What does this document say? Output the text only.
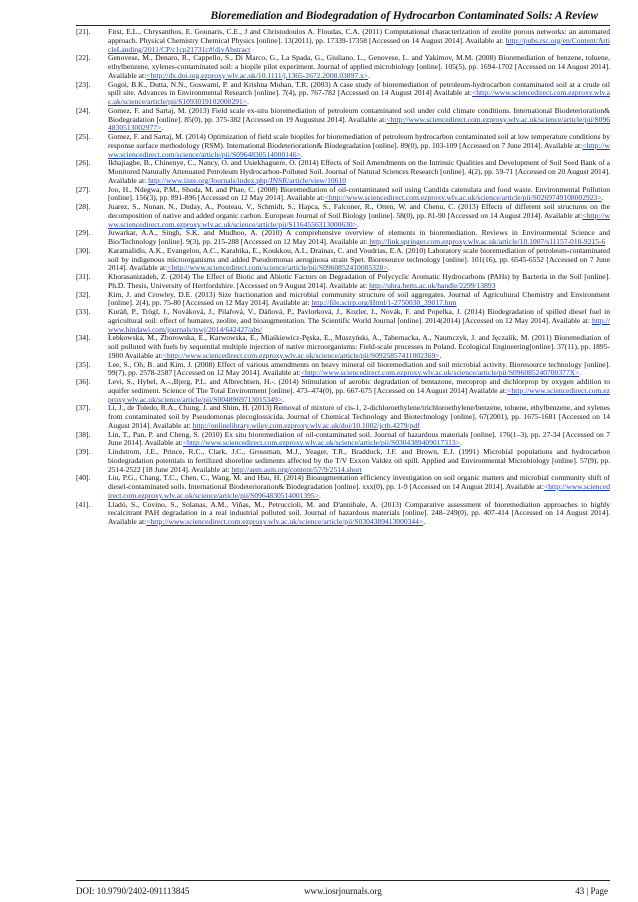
Bioremediation and Biodegradation of Hydrocarbon Contaminated Soils: A Review
[21]. First, E.L., Chrysanthos, E. Gounaris, C.E., J and Christodoulos A. Floudas, C.A. (2011) Computational characterization of zeolite porous networks: an automated approach. Physical Chemistry Chemical Physics [online]. 13(2011), pp. 17339-17358 [Accessed on 14 August 2014]. Available at: http://pubs.rsc.org/en/Content/ArticleLanding/2011/CP/c1cp21731c#!divAbstract
[22]. Genovese, M., Denaro, R., Cappello, S., Di Marco, G., La Spada, G., Giuliano, L., Genovese, L. and Yakimov, M.M. (2008) Bioremediation of benzene, toluene, ethylbenzene, xylenes-contaminated soil: a biopile pilot experiment. Journal of applied microbiology [online]. 105(5), pp. 1694-1702 [Accessed on 14 August 2014]. Available at:<http://dx.doi.org.ezproxy.wlv.ac.uk/10.1111/j.1365-2672.2008.03897.x>.
[23]. Gogoi, B.K., Dutta, N.N., Goswami, P. and Krishna Mohan, T.R. (2003) A case study of bioremediation of petroleum-hydrocarbon contaminated soil at a crude oil spill site. Advances in Environmental Research [online]. 7(4), pp. 767-782 [Accessed on 14 August 2014] Available at:<http://www.sciencedirect.com.ezproxy.wlv.ac.uk/science/article/pii/S1093019102000291>.
[24]. Gomez, F. and Sartaj, M. (2013) Field scale ex-situ bioremediation of petroleum contaminated soil under cold climate conditions. International Biodeterioration& Biodegradation [online]. 85(0), pp. 375-382 [Accessed on 19 Augustust 2014]. Available at:<http://www.sciencedirect.com.ezproxy.wlv.ac.uk/science/article/pii/S0964830513002977>.
[25]. Gomez, F. and Sartaj, M. (2014) Optimization of field scale biopiles for bioremediation of petroleum hydrocarbon contaminated soil at low temperature conditions by response surface methodology (RSM). International Biodeterioration& Biodegradation [online]. 89(0), pp. 103-109 [Accessed on 7 June 2014]. Available at:<http://www.sciencedirect.com/science/article/pii/S0964830514000146>.
[26]. Ikhajiagbe, B., Chinenye, C., Nancy, O. and Usiekhaguere, O. (2014) Effects of Soil Amendments on the Intrinsic Qualities and Development of Soil Seed Bank of a Monitored Naturally Attenuated Petroleum Hydrocarbon-Polluted Soil. Journal of Natural Sciences Research [online]. 4(2), pp. 59-71 [Accessed on 20 August 2014]. Available at: http://www.iiste.org/Journals/index.php/JNSR/article/view/10610
[27]. Joo, H., Ndegwa, P.M., Shoda, M. and Phae, C. (2008) Bioremediation of oil-contaminated soil using Candida catenulata and food waste. Environmental Pollution [online]. 156(3), pp. 891-896 [Accessed on 12 May 2014]. Available at:<http://www.sciencedirect.com.ezproxy.wlv.ac.uk/science/article/pii/S0269749108002923>.
[28]. Juarez, S., Nunan, N., Duday, A., Pouteau, V., Schmidt, S., Hapca, S., Falconer, R., Otten, W. and Chenu, C. (2013) Effects of different soil structures on the decomposition of native and added organic carbon. European Journal of Soil Biology [online]. 58(0), pp. 81-90 [Accessed on 14 August 2014]. Available at:<http://www.sciencedirect.com.ezproxy.wlv.ac.uk/science/article/pii/S1164556313000630>.
[29]. Juwarkar, A.A., Singh, S.K. and Mudhoo, A. (2010) A comprehensive overview of elements in bioremediation. Reviews in Environmental Science and Bio/Technology [online]. 9(3), pp. 215-288 [Accessed on 12 May 2014]. Available at: http://link.springer.com.ezproxy.wlv.ac.uk/article/10.1007/s11157-010-9215-6
[30]. Karamalidis, A.K., Evangelou, A.C., Karabika, E., Koukkou, A.I., Drainas, C. and Voudrias, E.A. (2010) Laboratory scale bioremediation of petroleum-contaminated soil by indigenous microorganisms and added Pseudomonas aeruginosa strain Spet. Bioresource technology [online]. 101(16), pp. 6545-6552 [Accessed on 7 June 2014]. Available at:<http://www.sciencedirect.com/science/article/pii/S0960852410005328>.
[31]. Khorasanizadeh, Z. (2014) The Effect of Biotic and Abiotic Factors on Degradation of Polycyclic Aromatic Hydrocarbons (PAHs) by Bacteria in the Soil [online]. Ph.D. Thesis, University of Hertfordshire. [Accessed on 9 August 2014]. Available at: http://uhra.herts.ac.uk/handle/2299/13893
[32]. Kim, J. and Crowley, D.E. (2013) Size fractionation and microbial community structure of soil aggregates. Journal of Agricultural Chemistry and Environment [online]. 2(4), pp. 75-80 [Accessed on 12 May 2014]. Available at: http://file.scirp.org/Html/1-2750030_39017.htm
[33]. Kuráň, P., Trögl, J., Nováková, J., Pilařová, V., Dáňová, P., Pavlorková, J., Kozler, J., Novák, F. and Popelka, J. (2014) Biodegradation of spilled diesel fuel in agricultural soil: effect of humates, zeolite, and bioaugmentation. The Scientific World Journal [online]. 2014(2014) [Accessed on 12 May 2014]. Available at: http://www.hindawi.com/journals/tswj/2014/642427/abs/
[34]. Łebkowska, M., Zborowska, E., Karwowska, E., Miaśkiewicz-Pęska, E., Muszyński, A., Tabernacka, A., Naumczyk, J. and Jęczalik, M. (2011) Bioremediation of soil polluted with fuels by sequential multiple injection of native microorganisms: Field-scale processes in Poland. Ecological Engineering[online]. 37(11), pp. 1895-1900 Available at:<http://www.sciencedirect.com.ezproxy.wlv.ac.uk/science/article/pii/S0925857411002369>.
[35]. Lee, S., Oh, B. and Kim, J. (2008) Effect of various amendments on heavy mineral oil bioremediation and soil microbial activity. Bioresource technology [online]. 99(7), pp. 2578-2587 [Accessed on 12 May 2014]. Available at:<http://www.sciencedirect.com.ezproxy.wlv.ac.uk/science/article/pii/S096085240700377X>.
[36]. Levi, S., Hybel, A.-.,Bjerg, P.L. and Albrechtsen, H.-. (2014) Stimulation of aerobic degradation of bentazone, mecoprop and dichlorprop by oxygen addition to aquifer sediment. Science of The Total Environment [online]. 473–474(0), pp. 667-675 [Accessed on 14 August 2014] Available at:<http://www.sciencedirect.com.ezproxy.wlv.ac.uk/science/article/pii/S0048969713015349>.
[37]. Li, J., de Toledo, R.A., Chung, J. and Shim, H. (2013) Removal of mixture of cis-1, 2-dichloroethylene/trichloroethylene/benzene, toluene, ethylbenzene, and xylenes from contaminated soil by Pseudomonas plecoglossicida. Journal of Chemical Technology and Biotechnology [online]. 67(2001), pp. 1675-1681 [Accessed on 14 August 2014]. Available at: http://onlinelibrary.wiley.com.ezproxy.wlv.ac.uk/doi/10.1002/jctb.4279/pdf
[38]. Lin, T., Pan, P. and Cheng, S. (2010) Ex situ bioremediation of oil-contaminated soil. Journal of hazardous materials [online]. 176(1–3), pp. 27-34 [Accessed on 7 June 2014]. Available at:<http://www.sciencedirect.com.ezproxy.wlv.ac.uk/science/article/pii/S0304389409017313>.
[39]. Lindstrom, J.E., Prince, R.C., Clark, J.C., Grossman, M.J., Yeager, T.R., Braddock, J.F. and Brown, E.J. (1991) Microbial populations and hydrocarbon biodegradation potentials in fertilized shoreline sediments affected by the T/V Exxon Valdez oil spill. Applied and Environmental Microbiology [online]. 57(9), pp. 2514-2522 [18 June 2014]. Available at: http://aem.asm.org/content/57/9/2514.short
[40]. Liu, P.G., Chang, T.C., Chen, C., Wang, M. and Hsu, H. (2014) Bioaugmentation efficiency investigation on soil organic matters and microbial community shift of diesel-contaminated soils. International Biodeterioration& Biodegradation [online]. xxx(0), pp. 1-9 [Accessed on 14 August 2014]. Available at:<http://www.sciencedirect.com.ezproxy.wlv.ac.uk/science/article/pii/S0964830514001395>.
[41]. Lladó, S., Covino, S., Solanas, A.M., Viñas, M., Petruccioli, M. and D'annibale, A. (2013) Comparative assessment of bioremediation approaches to highly recalcitrant PAH degradation in a real industrial polluted soil. Journal of hazardous materials [online]. 248–249(0), pp. 407-414 [Accessed on 14 August 2014]. Available at:<http://www.sciencedirect.com.ezproxy.wlv.ac.uk/science/article/pii/S0304389413000344>.
DOI: 10.9790/2402-091113845	www.iosrjournals.org	43 | Page
